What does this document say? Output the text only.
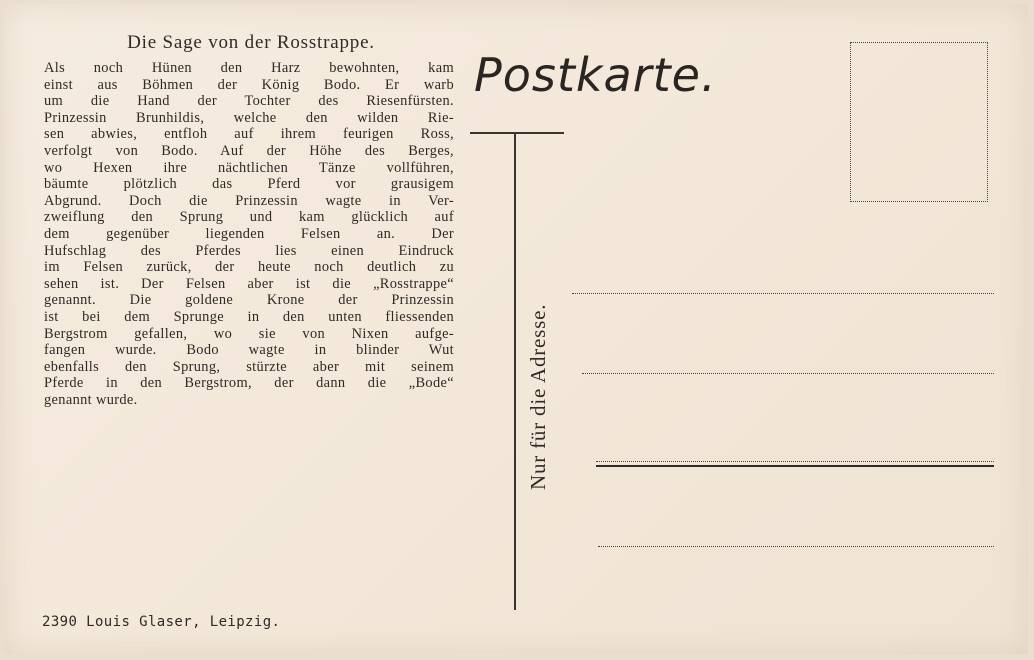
Die Sage von der Rosstrappe.
Als noch Hünen den Harz bewohnten, kam
einst aus Böhmen der König Bodo. Er warb
um die Hand der Tochter des Riesenfürsten.
Prinzessin Brunhildis, welche den wilden Rie-
sen abwies, entfloh auf ihrem feurigen Ross,
verfolgt von Bodo. Auf der Höhe des Berges,
wo Hexen ihre nächtlichen Tänze vollführen,
bäumte plötzlich das Pferd vor grausigem
Abgrund. Doch die Prinzessin wagte in Ver-
zweiflung den Sprung und kam glücklich auf
dem gegenüber liegenden Felsen an. Der
Hufschlag des Pferdes lies einen Eindruck
im Felsen zurück, der heute noch deutlich zu
sehen ist. Der Felsen aber ist die „Rosstrappe“
genannt. Die goldene Krone der Prinzessin
ist bei dem Sprunge in den unten fliessenden
Bergstrom gefallen, wo sie von Nixen aufge-
fangen wurde. Bodo wagte in blinder Wut
ebenfalls den Sprung, stürzte aber mit seinem
Pferde in den Bergstrom, der dann die „Bode“
genannt wurde.
Postkarte.
Nur für die Adresse.
2390 Louis Glaser, Leipzig.
